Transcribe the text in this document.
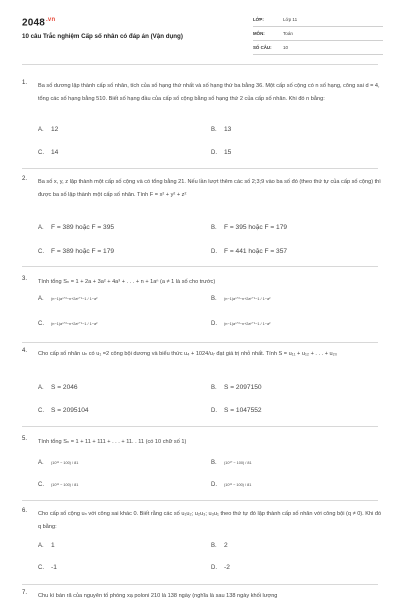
$2048^{.vn}$
10 câu Trắc nghiệm Cấp số nhân có đáp án (Vận dụng)
LỚP:	Lớp 11
MÔN:	Toán
SỐ CÂU: 10
1. Ba số dương lập thành cấp số nhân, tích của số hạng thứ nhất và số hạng thứ ba bằng 36. Một cấp số cộng có n số hạng, công sai d = 4, tổng các số hạng bằng 510. Biết số hạng đầu của cấp số cộng bằng số hạng thứ 2 của cấp số nhân. Khi đó n bằng:
A. 12	B. 13
C. 14	D. 15
2. Ba số x, y, z lập thành một cấp số cộng và có tổng bằng 21. Nếu lần lượt thêm các số 2;3;9 vào ba số đó (theo thứ tự của cấp số cộng) thì được ba số lập thành một cấp số nhân. Tính F = x² + y² + z²
A. F = 389 hoặc F = 395	B. F = 395 hoặc F = 179
C. F = 389 hoặc F = 179	D. F = 441 hoặc F = 357
3. Tính tổng Sₙ = 1 + 2a + 3a² + 4a³ + . . . + n + 1aⁿ (a ≠ 1 là số cho trước)
A. (n−1)aⁿ⁺²−n+2aⁿ⁺¹−1 / 1−a²	B. (n−1)aⁿ⁺²−n+2aⁿ⁺¹−1 / 1−a²
C. (n−1)aⁿ⁺²−n+2aⁿ⁺¹−1 / 1−a²	D. (n−1)aⁿ⁺²−n+2aⁿ⁺¹−1 / 1−a²
4. Cho cấp số nhân uₙ có u₁ =2 công bội dương và biểu thức u₄ + 1024/u₇ đạt giá trị nhỏ nhất. Tính S = u₁₁ + u₁₂ + . . . + u₂₀
A. S = 2046	B. S = 2097150
C. S = 2095104	D. S = 1047552
5. Tính tổng Sₙ = 1 + 11 + 111 + . . . + 11. . 11 (có 10 chữ số 1)
A. (10¹¹ − 100) / 81	B. (10¹⁰ − 100) / 81
C. (10¹¹ − 100) / 81	D. (10¹¹ − 100) / 81
6. Cho cấp số cộng uₙ với công sai khác 0. Biết rằng các số u₁u₂; u₂u₃; u₃u₁ theo thứ tự đó lập thành cấp số nhân với công bội (q ≠ 0). Khi đó q bằng:
A. 1	B. 2
C. -1	D. -2
7. Chu kì bán rã của nguyên tố phóng xạ poloni 210 là 138 ngày (nghĩa là sau 138 ngày khối lượng
